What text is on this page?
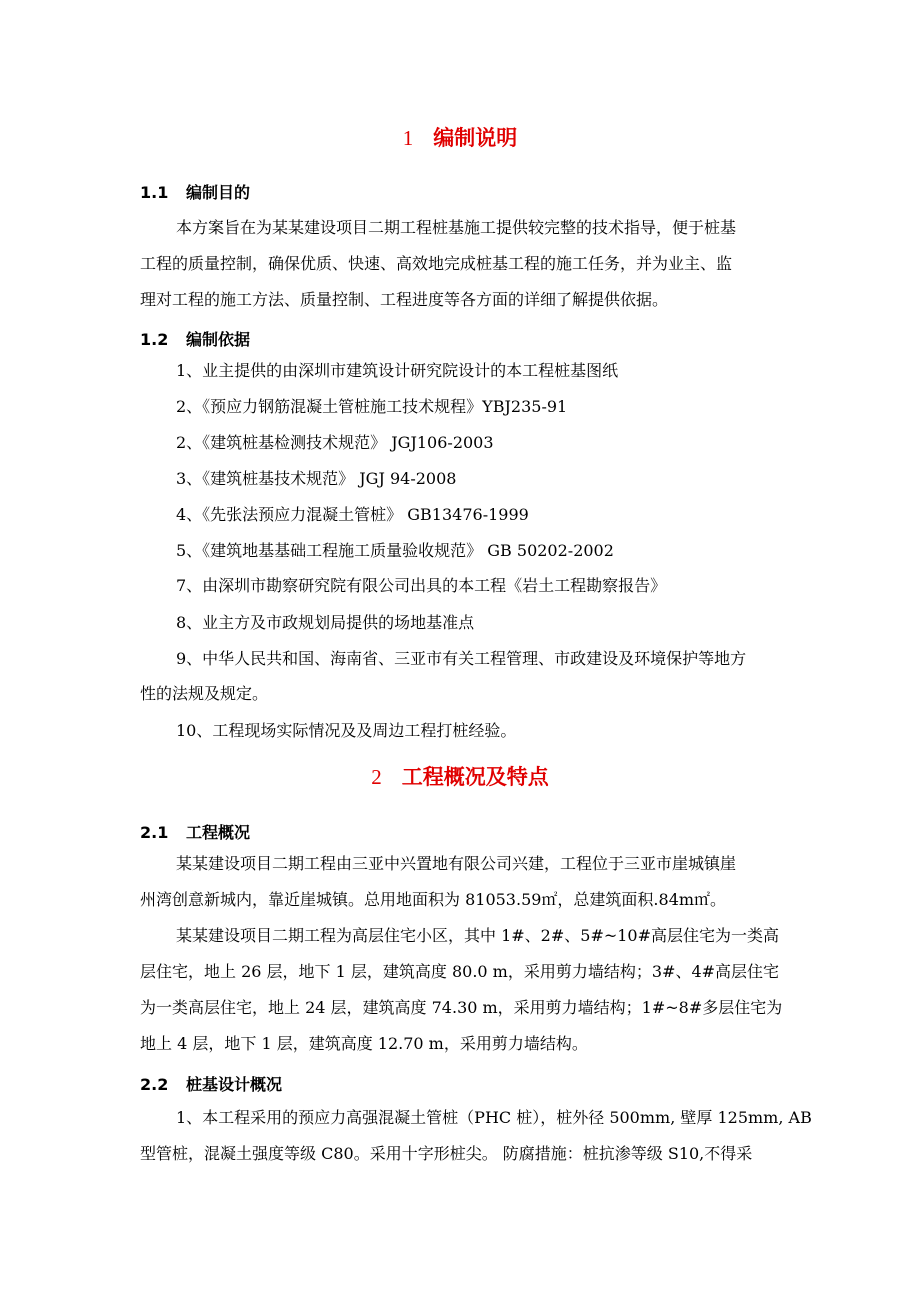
1 编制说明
1.1 编制目的
本方案旨在为某某建设项目二期工程桩基施工提供较完整的技术指导，便于桩基
工程的质量控制，确保优质、快速、高效地完成桩基工程的施工任务，并为业主、监
理对工程的施工方法、质量控制、工程进度等各方面的详细了解提供依据。
1.2 编制依据
1、业主提供的由深圳市建筑设计研究院设计的本工程桩基图纸
2、《预应力钢筋混凝土管桩施工技术规程》YBJ235-91
2、《建筑桩基检测技术规范》 JGJ106-2003
3、《建筑桩基技术规范》 JGJ 94-2008
4、《先张法预应力混凝土管桩》 GB13476-1999
5、《建筑地基基础工程施工质量验收规范》 GB 50202-2002
7、由深圳市勘察研究院有限公司出具的本工程《岩土工程勘察报告》
8、业主方及市政规划局提供的场地基准点
9、中华人民共和国、海南省、三亚市有关工程管理、市政建设及环境保护等地方
性的法规及规定。
10、工程现场实际情况及及周边工程打桩经验。
2 工程概况及特点
2.1 工程概况
某某建设项目二期工程由三亚中兴置地有限公司兴建，工程位于三亚市崖城镇崖
州湾创意新城内，靠近崖城镇。总用地面积为 81053.59㎡，总建筑面积.84m㎡。
某某建设项目二期工程为高层住宅小区，其中 1#、2#、5#~10#高层住宅为一类高
层住宅，地上 26 层，地下 1 层，建筑高度 80.0 m，采用剪力墙结构；3#、4#高层住宅
为一类高层住宅，地上 24 层，建筑高度 74.30 m，采用剪力墙结构；1#~8#多层住宅为
地上 4 层，地下 1 层，建筑高度 12.70 m，采用剪力墙结构。
2.2 桩基设计概况
1、本工程采用的预应力高强混凝土管桩（PHC 桩），桩外径 500mm, 壁厚 125mm, AB
型管桩，混凝土强度等级 C80。采用十字形桩尖。 防腐措施：桩抗渗等级 S10,不得采
